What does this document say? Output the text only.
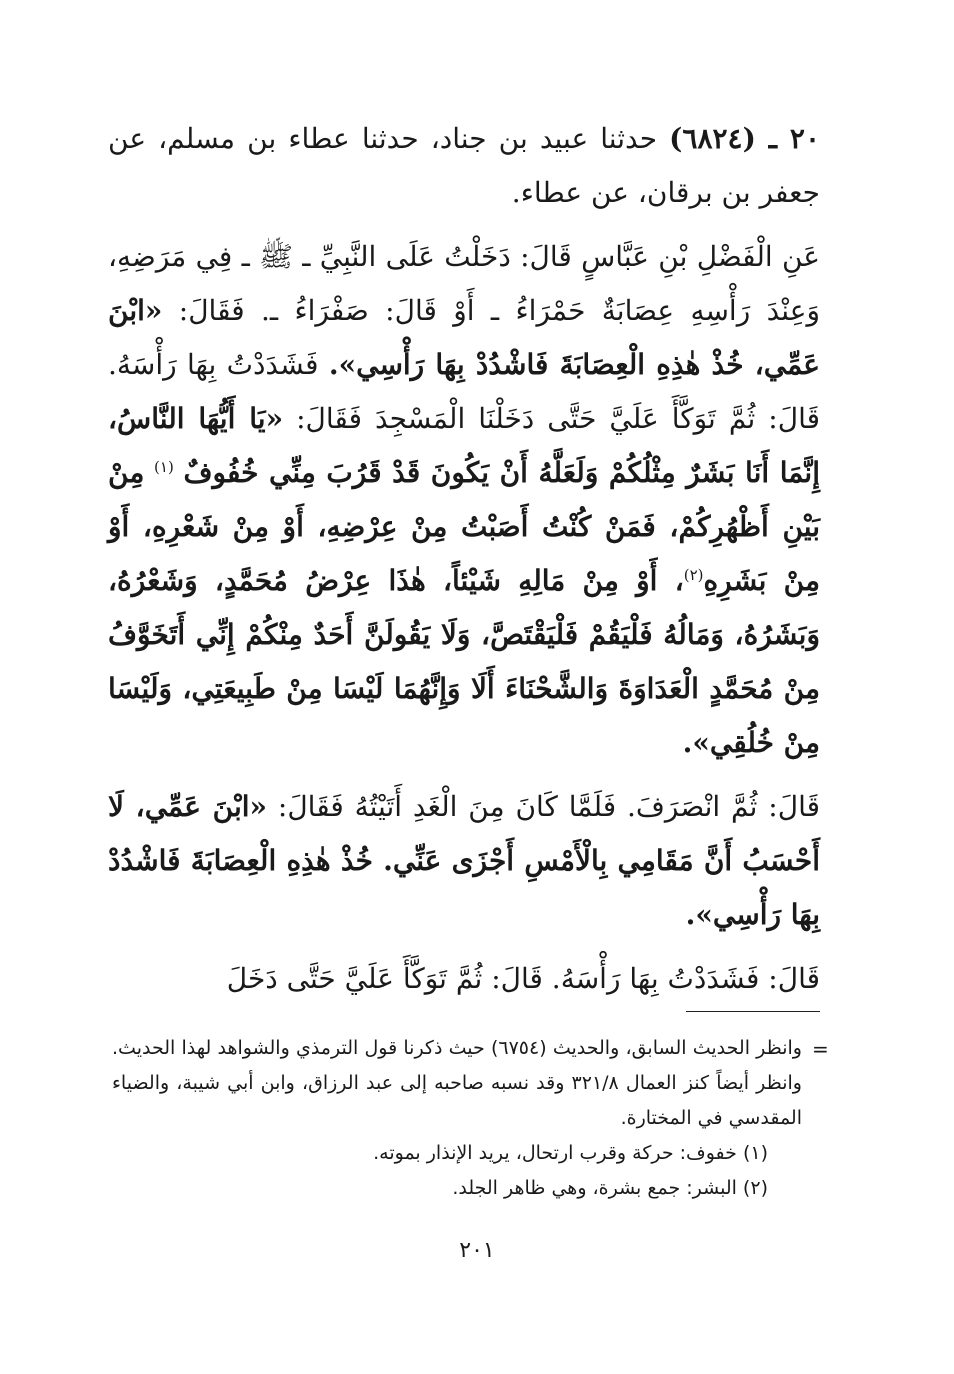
٢٠ ـ (٦٨٢٤) حدثنا عبيد بن جناد، حدثنا عطاء بن مسلم، عن جعفر بن برقان، عن عطاء.

عَنِ الْفَضْلِ بْنِ عَبَّاسٍ قَالَ: دَخَلْتُ عَلَى النَّبِيِّ ـ ﷺ ـ فِي مَرَضِهِ، وَعِنْدَ رَأْسِهِ عِصَابَةٌ حَمْرَاءُ ـ أَوْ قَالَ: صَفْرَاءُ ـ. فَقَالَ: «ابْنَ عَمِّي، خُذْ هٰذِهِ الْعِصَابَةَ فَاشْدُدْ بِهَا رَأْسِي». فَشَدَدْتُ بِهَا رَأْسَهُ. قَالَ: ثُمَّ تَوَكَّأَ عَلَيَّ حَتَّى دَخَلْنَا الْمَسْجِدَ فَقَالَ: «يَا أَيُّهَا النَّاسُ، إِنَّمَا أَنَا بَشَرٌ مِثْلُكُمْ وَلَعَلَّهُ أَنْ يَكُونَ قَدْ قَرُبَ مِنِّي خُفُوفٌ $^{(١)}$ مِنْ بَيْنِ أَظْهُرِكُمْ، فَمَنْ كُنْتُ أَصَبْتُ مِنْ عِرْضِهِ، أَوْ مِنْ شَعْرِهِ، أَوْ مِنْ بَشَرِهِ$^{(٢)}$، أَوْ مِنْ مَالِهِ شَيْئاً، هٰذَا عِرْضُ مُحَمَّدٍ، وَشَعْرُهُ، وَبَشَرُهُ، وَمَالُهُ فَلْيَقُمْ فَلْيَقْتَصَّ، وَلَا يَقُولَنَّ أَحَدٌ مِنْكُمْ إِنِّي أَتَخَوَّفُ مِنْ مُحَمَّدٍ الْعَدَاوَةَ وَالشَّحْنَاءَ أَلَا وَإِنَّهُمَا لَيْسَا مِنْ طَبِيعَتِي، وَلَيْسَا مِنْ خُلُقِي».

قَالَ: ثُمَّ انْصَرَفَ. فَلَمَّا كَانَ مِنَ الْغَدِ أَتَيْتُهُ فَقَالَ: «ابْنَ عَمِّي، لَا أَحْسَبُ أَنَّ مَقَامِي بِالْأَمْسِ أَجْزَى عَنِّي. خُذْ هٰذِهِ الْعِصَابَةَ فَاشْدُدْ بِهَا رَأْسِي».

قَالَ: فَشَدَدْتُ بِهَا رَأْسَهُ. قَالَ: ثُمَّ تَوَكَّأَ عَلَيَّ حَتَّى دَخَلَ

=

وانظر الحديث السابق، والحديث (٦٧٥٤) حيث ذكرنا قول الترمذي والشواهد لهذا الحديث. وانظر أيضاً كنز العمال ٣٢١/٨ وقد نسبه صاحبه إلى عبد الرزاق، وابن أبي شيبة، والضياء المقدسي في المختارة.

(١) خفوف: حركة وقرب ارتحال، يريد الإنذار بموته.

(٢) البشر: جمع بشرة، وهي ظاهر الجلد.

٢٠١
